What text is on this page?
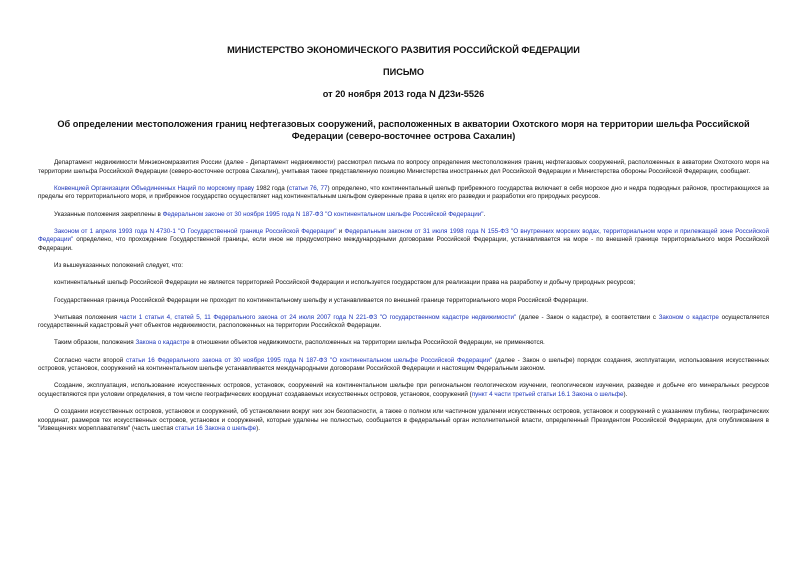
МИНИСТЕРСТВО ЭКОНОМИЧЕСКОГО РАЗВИТИЯ РОССИЙСКОЙ ФЕДЕРАЦИИ

ПИСЬМО

от 20 ноября 2013 года N Д23и-5526

Об определении местоположения границ нефтегазовых сооружений, расположенных в акватории Охотского моря на территории шельфа Российской Федерации (северо-восточнее острова Сахалин)

Департамент недвижимости Минэкономразвития России (далее - Департамент недвижимости) рассмотрел письма по вопросу определения местоположения границ нефтегазовых сооружений, расположенных в акватории Охотского моря на территории шельфа Российской Федерации (северо-восточнее острова Сахалин), учитывая также представленную позицию Министерства иностранных дел Российской Федерации и Министерства обороны Российской Федерации, сообщает.

Конвенцией Организации Объединенных Наций по морскому праву 1982 года (статьи 76, 77) определено, что континентальный шельф прибрежного государства включает в себя морское дно и недра подводных районов, простирающихся за пределы его территориального моря, и прибрежное государство осуществляет над континентальным шельфом суверенные права в целях его разведки и разработки его природных ресурсов.

Указанные положения закреплены в Федеральном законе от 30 ноября 1995 года N 187-ФЗ "О континентальном шельфе Российской Федерации".

Законом от 1 апреля 1993 года N 4730-1 "О Государственной границе Российской Федерации" и Федеральным законом от 31 июля 1998 года N 155-ФЗ "О внутренних морских водах, территориальном море и прилежащей зоне Российской Федерации" определено, что прохождение Государственной границы, если иное не предусмотрено международными договорами Российской Федерации, устанавливается на море - по внешней границе территориального моря Российской Федерации.

Из вышеуказанных положений следует, что:

континентальный шельф Российской Федерации не является территорией Российской Федерации и используется государством для реализации права на разработку и добычу природных ресурсов;

Государственная граница Российской Федерации не проходит по континентальному шельфу и устанавливается по внешней границе территориального моря Российской Федерации.

Учитывая положения части 1 статьи 4, статей 5, 11 Федерального закона от 24 июля 2007 года N 221-ФЗ "О государственном кадастре недвижимости" (далее - Закон о кадастре), в соответствии с Законом о кадастре осуществляется государственный кадастровый учет объектов недвижимости, расположенных на территории Российской Федерации.

Таким образом, положения Закона о кадастре в отношении объектов недвижимости, расположенных на территории шельфа Российской Федерации, не применяются.

Согласно части второй статьи 16 Федерального закона от 30 ноября 1995 года N 187-ФЗ "О континентальном шельфе Российской Федерации" (далее - Закон о шельфе) порядок создания, эксплуатации, использования искусственных островов, установок, сооружений на континентальном шельфе устанавливается международными договорами Российской Федерации и настоящим Федеральным законом.

Создание, эксплуатация, использование искусственных островов, установок, сооружений на континентальном шельфе при региональном геологическом изучении, геологическом изучении, разведке и добыче его минеральных ресурсов осуществляются при условии определения, в том числе географических координат создаваемых искусственных островов, установок, сооружений (пункт 4 части третьей статьи 16.1 Закона о шельфе).

О создании искусственных островов, установок и сооружений, об установлении вокруг них зон безопасности, а также о полном или частичном удалении искусственных островов, установок и сооружений с указанием глубины, географических координат, размеров тех искусственных островов, установок и сооружений, которые удалены не полностью, сообщается в федеральный орган исполнительной власти, определенный Президентом Российской Федерации, для опубликования в "Извещениях мореплавателям" (часть шестая статьи 16 Закона о шельфе).
